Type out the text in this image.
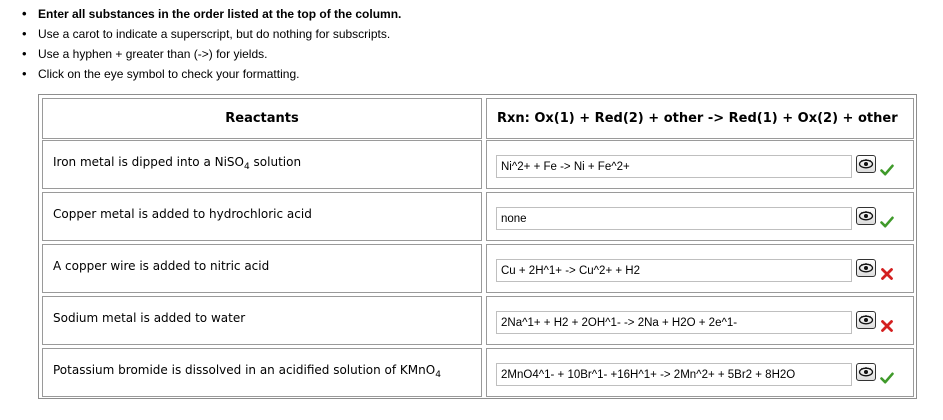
• Enter all substances in the order listed at the top of the column.
• Use a carot to indicate a superscript, but do nothing for subscripts.
• Use a hyphen + greater than (->) for yields.
• Click on the eye symbol to check your formatting.
Reactants	Rxn: Ox(1) + Red(2) + other -> Red(1) + Ox(2) + other
Iron metal is dipped into a NiSO$_4$ solution
Ni^2+ + Fe -> Ni + Fe^2+
Copper metal is added to hydrochloric acid
none
A copper wire is added to nitric acid
Cu + 2H^1+ -> Cu^2+ + H2
Sodium metal is added to water
2Na^1+ + H2 + 2OH^1- -> 2Na + H2O + 2e^1-
Potassium bromide is dissolved in an acidified solution of KMnO$_4$
2MnO4^1- + 10Br^1- +16H^1+ -> 2Mn^2+ + 5Br2 + 8H2O
